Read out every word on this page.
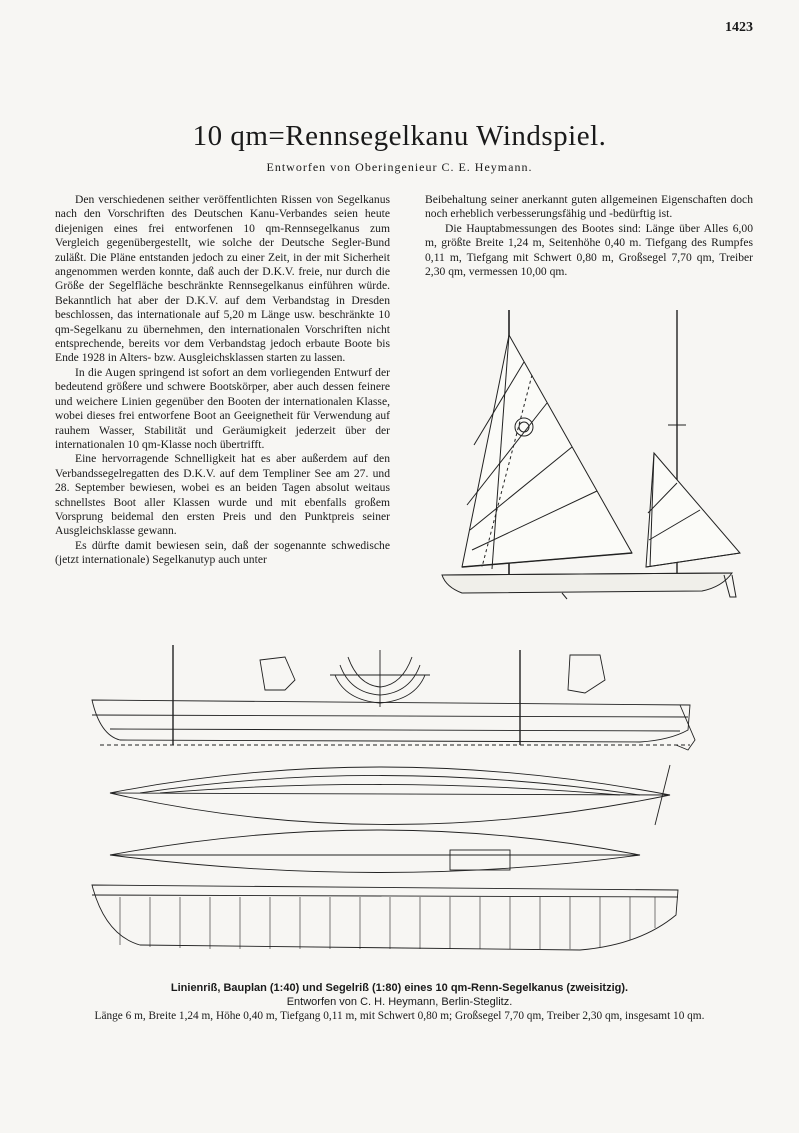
1423
10 qm=Rennsegelkanu Windspiel.
Entworfen von Oberingenieur C. E. Heymann.

Den verschiedenen seither veröffentlichten Rissen von Segelkanus nach den Vorschriften des Deutschen Kanu-Verbandes seien heute diejenigen eines frei entworfenen 10 qm-Rennsegelkanus zum Vergleich gegenübergestellt, wie solche der Deutsche Segler-Bund zuläßt. Die Pläne entstanden jedoch zu einer Zeit, in der mit Sicherheit angenommen werden konnte, daß auch der D.K.V. freie, nur durch die Größe der Segelfläche beschränkte Rennsegelkanus einführen würde. Bekanntlich hat aber der D.K.V. auf dem Verbandstag in Dresden beschlossen, das internationale auf 5,20 m Länge usw. beschränkte 10 qm-Segelkanu zu übernehmen, den internationalen Vorschriften nicht entsprechende, bereits vor dem Verbandstag jedoch erbaute Boote bis Ende 1928 in Alters- bzw. Ausgleichsklassen starten zu lassen.

In die Augen springend ist sofort an dem vorliegenden Entwurf der bedeutend größere und schwere Bootskörper, aber auch dessen feinere und weichere Linien gegenüber den Booten der internationalen Klasse, wobei dieses frei entworfene Boot an Geeignetheit für Verwendung auf rauhem Wasser, Stabilität und Geräumigkeit jederzeit über der internationalen 10 qm-Klasse noch übertrifft.

Eine hervorragende Schnelligkeit hat es aber außerdem auf den Verbandssegelregatten des D.K.V. auf dem Templiner See am 27. und 28. September bewiesen, wobei es an beiden Tagen absolut weitaus schnellstes Boot aller Klassen wurde und mit ebenfalls großem Vorsprung beidemal den ersten Preis und den Punktpreis seiner Ausgleichsklasse gewann.

Es dürfte damit bewiesen sein, daß der sogenannte schwedische (jetzt internationale) Segelkanutyp auch unter

Beibehaltung seiner anerkannt guten allgemeinen Eigenschaften doch noch erheblich verbesserungsfähig und -bedürftig ist.

Die Hauptabmessungen des Bootes sind: Länge über Alles 6,00 m, größte Breite 1,24 m, Seitenhöhe 0,40 m. Tiefgang des Rumpfes 0,11 m, Tiefgang mit Schwert 0,80 m, Großsegel 7,70 qm, Treiber 2,30 qm, vermessen 10,00 qm.

Linienriß, Bauplan (1:40) und Segelriß (1:80) eines 10 qm-Renn-Segelkanus (zweisitzig).
Entworfen von C. H. Heymann, Berlin-Steglitz.
Länge 6 m, Breite 1,24 m, Höhe 0,40 m, Tiefgang 0,11 m, mit Schwert 0,80 m; Großsegel 7,70 qm, Treiber 2,30 qm, insgesamt 10 qm.
